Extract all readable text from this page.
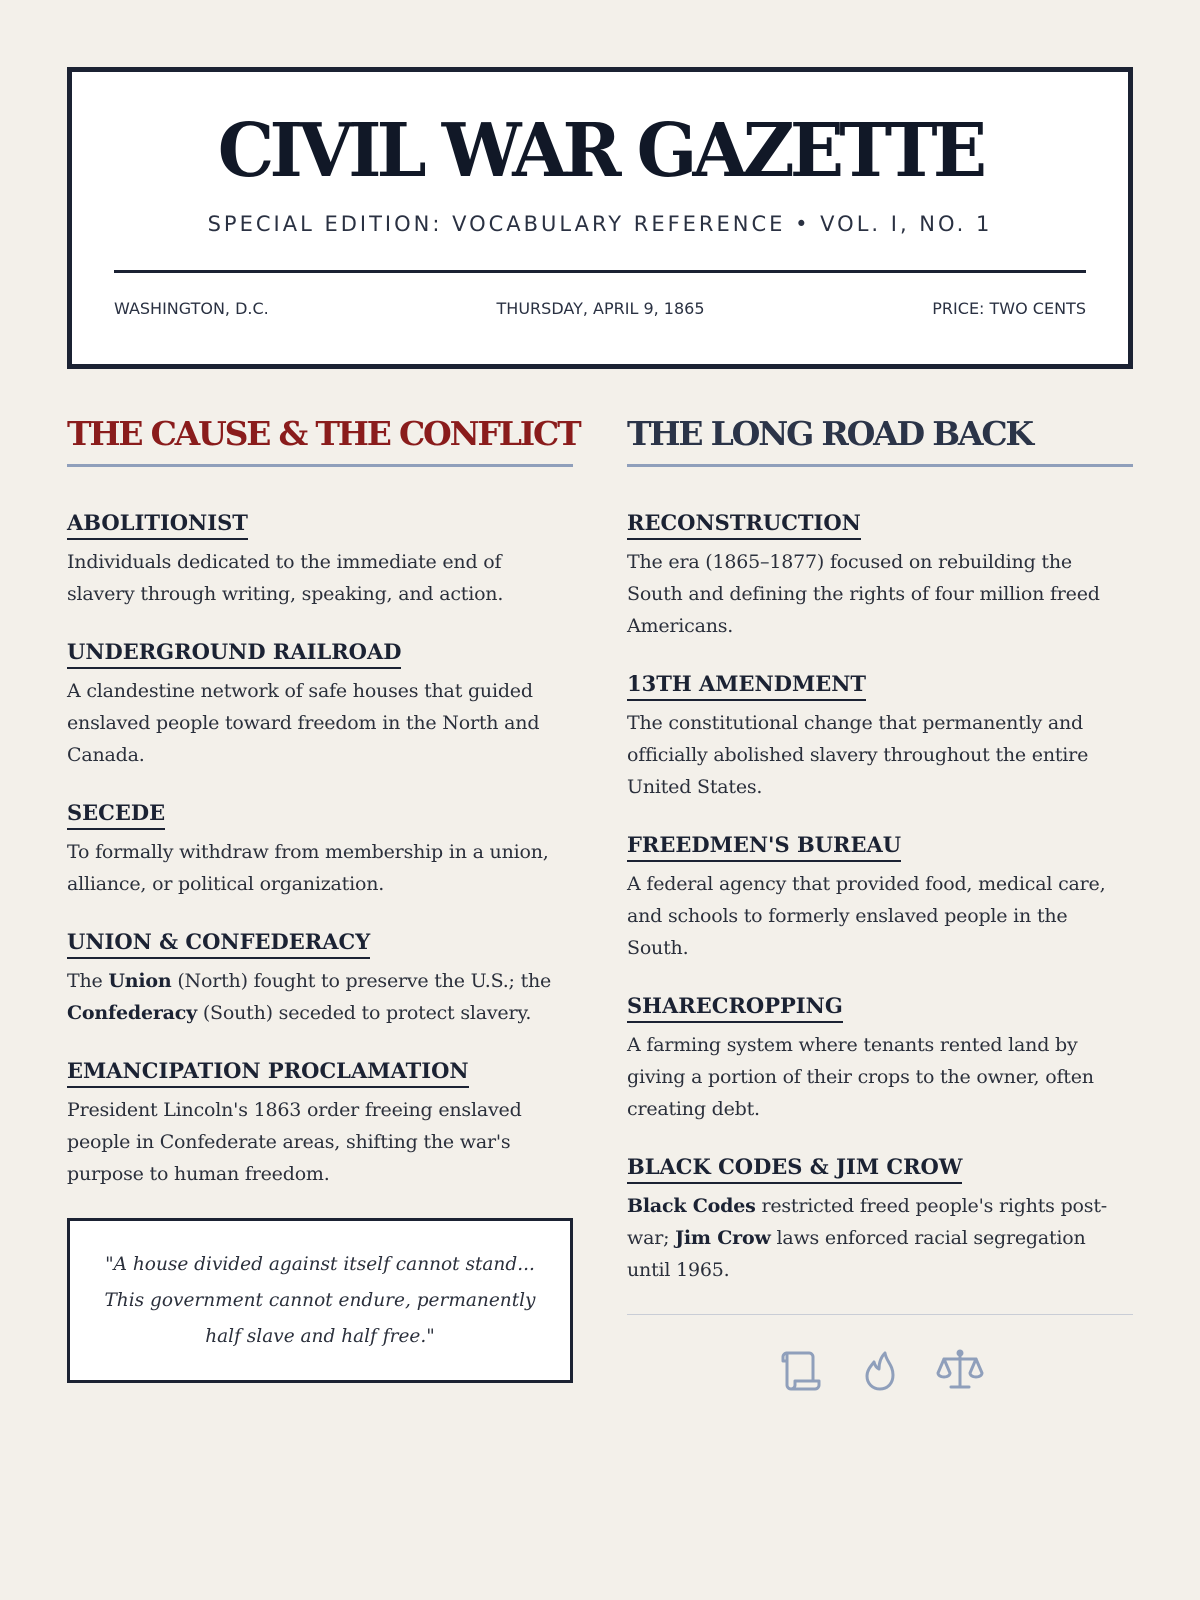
CIVIL WAR GAZETTE
SPECIAL EDITION: VOCABULARY REFERENCE • VOL. I, NO. 1
WASHINGTON, D.C.	THURSDAY, APRIL 9, 1865	PRICE: TWO CENTS
THE CAUSE & THE CONFLICT
ABOLITIONIST
Individuals dedicated to the immediate end of slavery through writing, speaking, and action.
UNDERGROUND RAILROAD
A clandestine network of safe houses that guided enslaved people toward freedom in the North and Canada.
SECEDE
To formally withdraw from membership in a union, alliance, or political organization.
UNION & CONFEDERACY
The Union (North) fought to preserve the U.S.; the Confederacy (South) seceded to protect slavery.
EMANCIPATION PROCLAMATION
President Lincoln's 1863 order freeing enslaved people in Confederate areas, shifting the war's purpose to human freedom.
"A house divided against itself cannot stand... This government cannot endure, permanently half slave and half free."
THE LONG ROAD BACK
RECONSTRUCTION
The era (1865–1877) focused on rebuilding the South and defining the rights of four million freed Americans.
13TH AMENDMENT
The constitutional change that permanently and officially abolished slavery throughout the entire United States.
FREEDMEN'S BUREAU
A federal agency that provided food, medical care, and schools to formerly enslaved people in the South.
SHARECROPPING
A farming system where tenants rented land by giving a portion of their crops to the owner, often creating debt.
BLACK CODES & JIM CROW
Black Codes restricted freed people's rights post-war; Jim Crow laws enforced racial segregation until 1965.
